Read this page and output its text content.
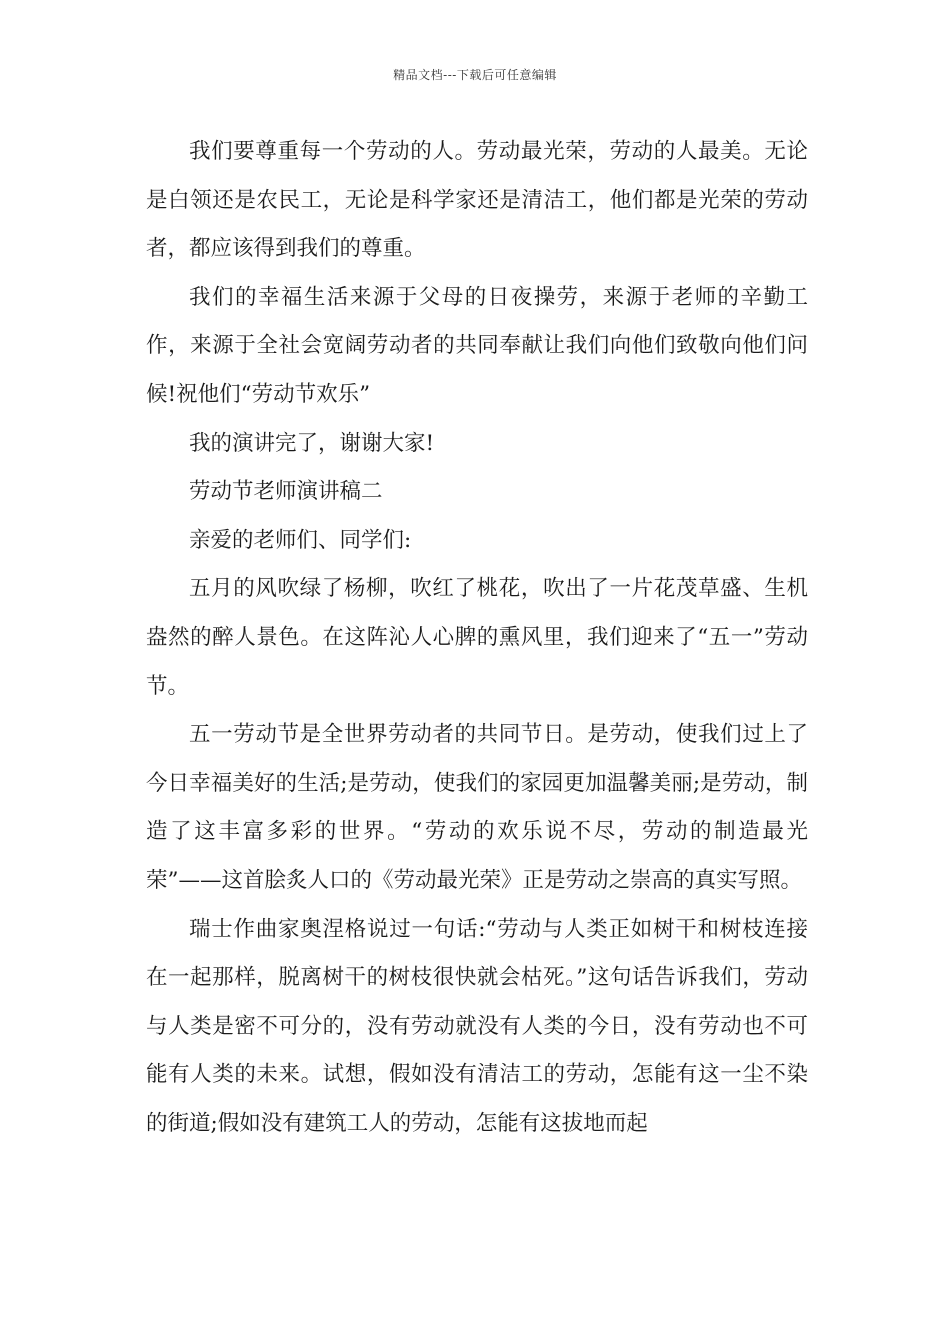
精品文档---下载后可任意编辑

我们要尊重每一个劳动的人。劳动最光荣，劳动的人最美。无论是白领还是农民工，无论是科学家还是清洁工，他们都是光荣的劳动者，都应该得到我们的尊重。

我们的幸福生活来源于父母的日夜操劳，来源于老师的辛勤工作，来源于全社会宽阔劳动者的共同奉献让我们向他们致敬向他们问候!祝他们“劳动节欢乐”

我的演讲完了，谢谢大家!

劳动节老师演讲稿二

亲爱的老师们、同学们:

五月的风吹绿了杨柳，吹红了桃花，吹出了一片花茂草盛、生机盎然的醉人景色。在这阵沁人心脾的熏风里，我们迎来了“五一”劳动节。

五一劳动节是全世界劳动者的共同节日。是劳动，使我们过上了今日幸福美好的生活;是劳动，使我们的家园更加温馨美丽;是劳动，制造了这丰富多彩的世界。“劳动的欢乐说不尽，劳动的制造最光荣”——这首脍炙人口的《劳动最光荣》正是劳动之崇高的真实写照。

瑞士作曲家奥涅格说过一句话:“劳动与人类正如树干和树枝连接在一起那样，脱离树干的树枝很快就会枯死。”这句话告诉我们，劳动与人类是密不可分的，没有劳动就没有人类的今日，没有劳动也不可能有人类的未来。试想，假如没有清洁工的劳动，怎能有这一尘不染的街道;假如没有建筑工人的劳动，怎能有这拔地而起
